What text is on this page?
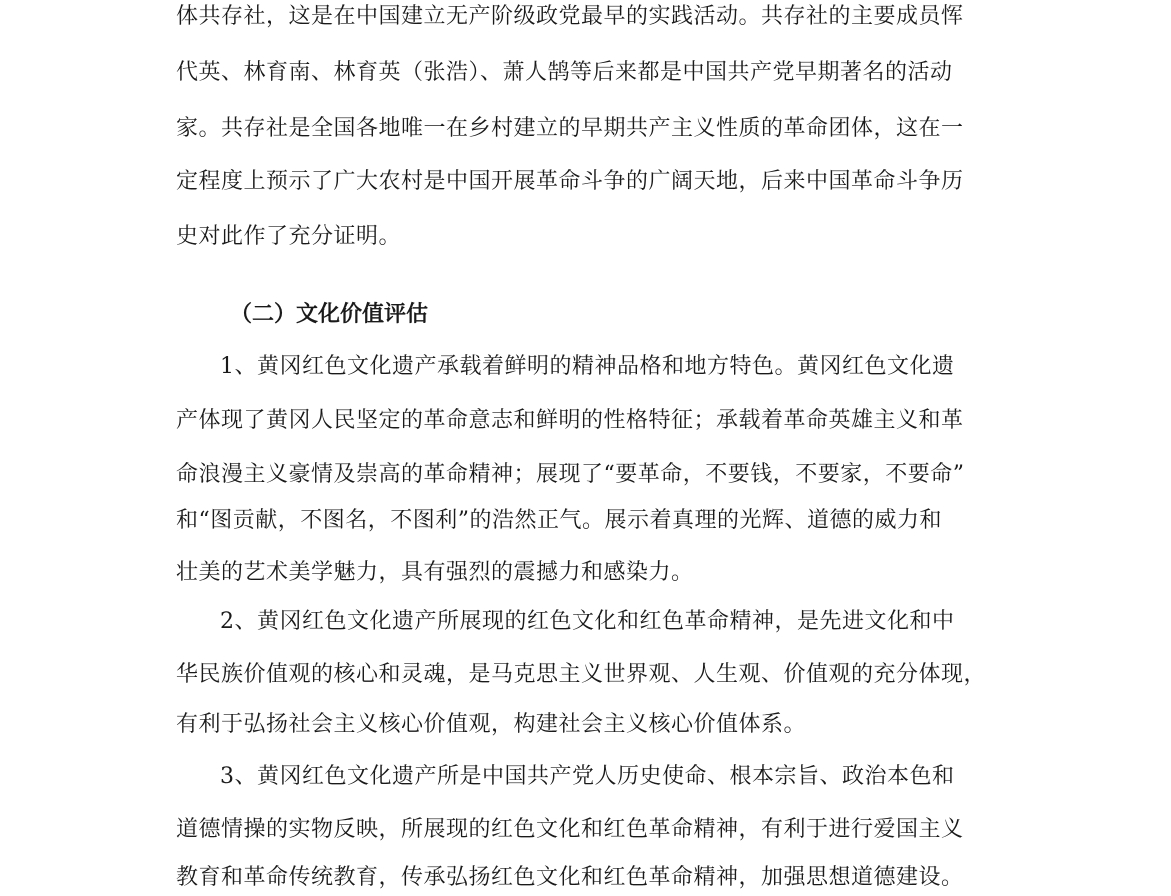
体共存社，这是在中国建立无产阶级政党最早的实践活动。共存社的主要成员恽
代英、林育南、林育英（张浩）、萧人鹄等后来都是中国共产党早期著名的活动
家。共存社是全国各地唯一在乡村建立的早期共产主义性质的革命团体，这在一
定程度上预示了广大农村是中国开展革命斗争的广阔天地，后来中国革命斗争历
史对此作了充分证明。
（二）文化价值评估
1、黄冈红色文化遗产承载着鲜明的精神品格和地方特色。黄冈红色文化遗
产体现了黄冈人民坚定的革命意志和鲜明的性格特征；承载着革命英雄主义和革
命浪漫主义豪情及崇高的革命精神；展现了“要革命，不要钱，不要家，不要命”
和“图贡献，不图名，不图利”的浩然正气。展示着真理的光辉、道德的威力和
壮美的艺术美学魅力，具有强烈的震撼力和感染力。
2、黄冈红色文化遗产所展现的红色文化和红色革命精神，是先进文化和中
华民族价值观的核心和灵魂，是马克思主义世界观、人生观、价值观的充分体现，
有利于弘扬社会主义核心价值观，构建社会主义核心价值体系。
3、黄冈红色文化遗产所是中国共产党人历史使命、根本宗旨、政治本色和
道德情操的实物反映，所展现的红色文化和红色革命精神，有利于进行爱国主义
教育和革命传统教育，传承弘扬红色文化和红色革命精神，加强思想道德建设。
